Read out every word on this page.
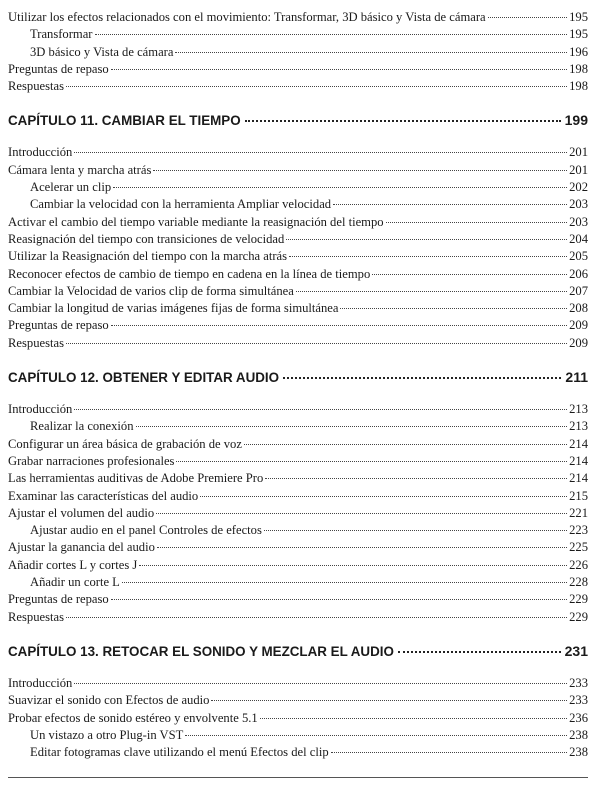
Utilizar los efectos relacionados con el movimiento: Transformar, 3D básico y Vista de cámara	195
Transformar	195
3D básico y Vista de cámara	196
Preguntas de repaso	198
Respuestas	198
CAPÍTULO 11. CAMBIAR EL TIEMPO	199
Introducción	201
Cámara lenta y marcha atrás	201
Acelerar un clip	202
Cambiar la velocidad con la herramienta Ampliar velocidad	203
Activar el cambio del tiempo variable mediante la reasignación del tiempo	203
Reasignación del tiempo con transiciones de velocidad	204
Utilizar la Reasignación del tiempo con la marcha atrás	205
Reconocer efectos de cambio de tiempo en cadena en la línea de tiempo	206
Cambiar la Velocidad de varios clip de forma simultánea	207
Cambiar la longitud de varias imágenes fijas de forma simultánea	208
Preguntas de repaso	209
Respuestas	209
CAPÍTULO 12. OBTENER Y EDITAR AUDIO	211
Introducción	213
Realizar la conexión	213
Configurar un área básica de grabación de voz	214
Grabar narraciones profesionales	214
Las herramientas auditivas de Adobe Premiere Pro	214
Examinar las características del audio	215
Ajustar el volumen del audio	221
Ajustar audio en el panel Controles de efectos	223
Ajustar la ganancia del audio	225
Añadir cortes L y cortes J	226
Añadir un corte L	228
Preguntas de repaso	229
Respuestas	229
CAPÍTULO 13. RETOCAR EL SONIDO Y MEZCLAR EL AUDIO	231
Introducción	233
Suavizar el sonido con Efectos de audio	233
Probar efectos de sonido estéreo y envolvente 5.1	236
Un vistazo a otro Plug-in VST	238
Editar fotogramas clave utilizando el menú Efectos del clip	238
